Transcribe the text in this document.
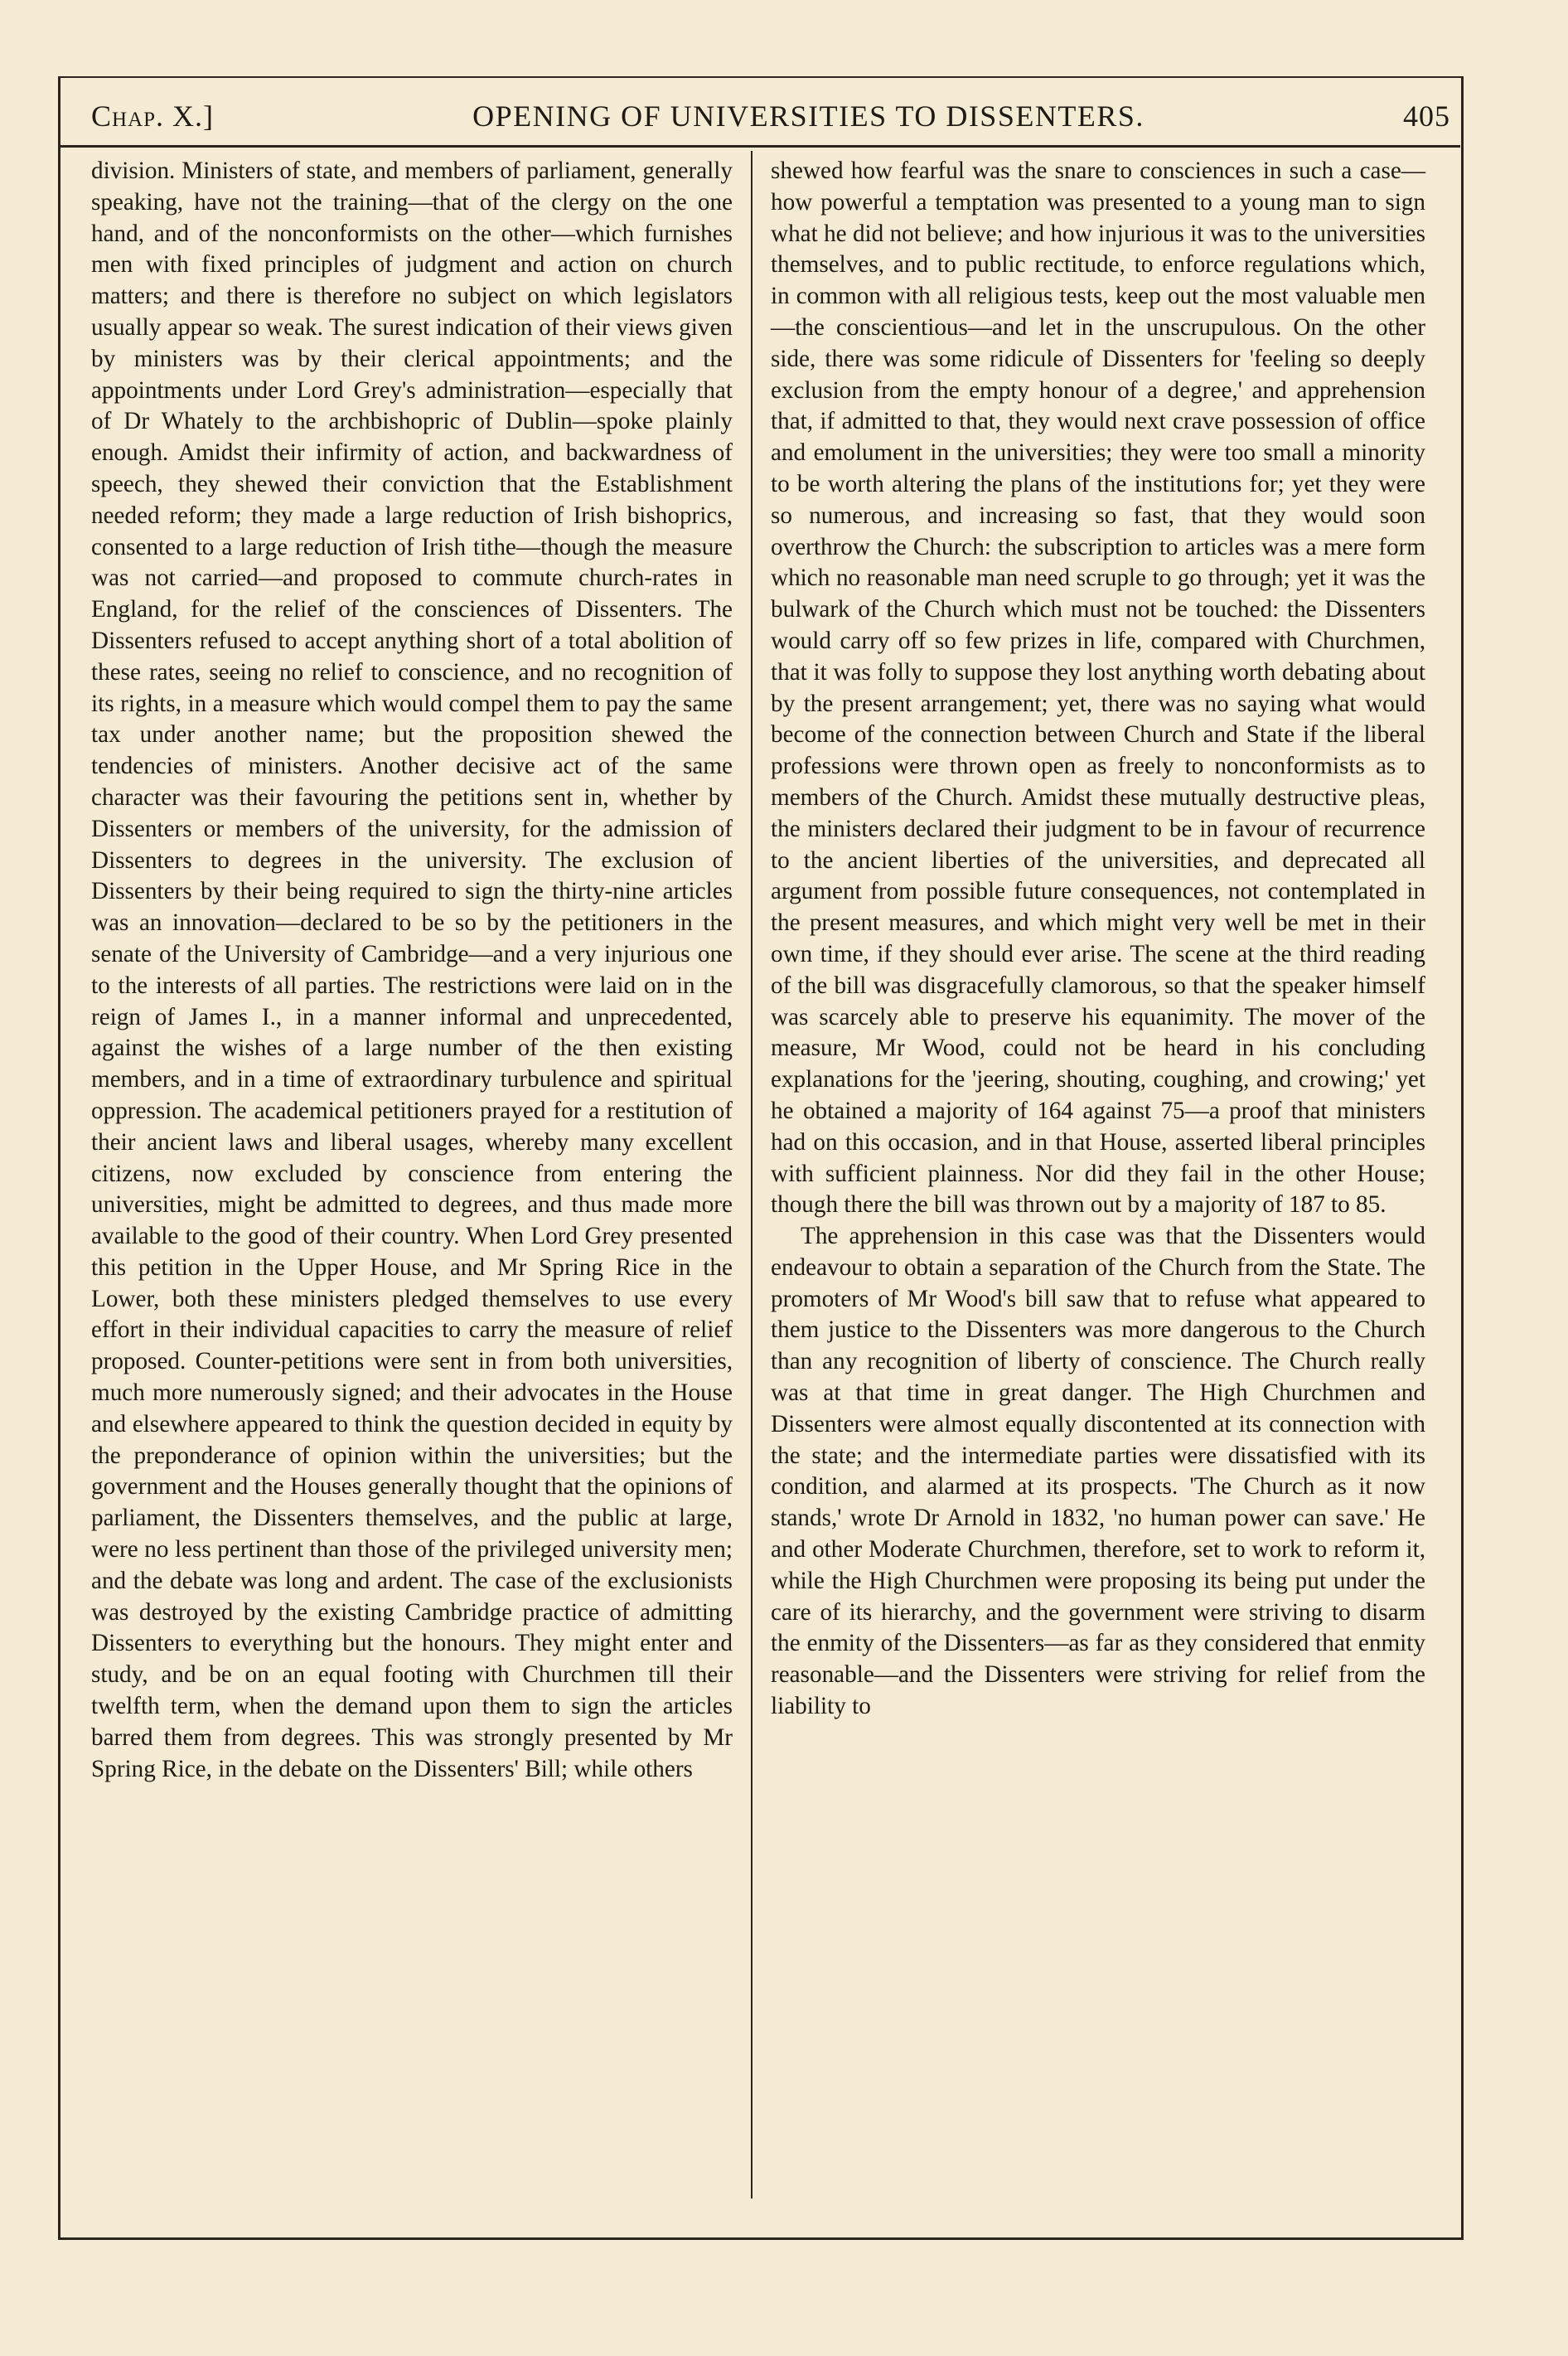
Chap. X.]	OPENING OF UNIVERSITIES TO DISSENTERS.	405

division. Ministers of state, and members of parliament, generally speaking, have not the training—that of the clergy on the one hand, and of the nonconformists on the other—which furnishes men with fixed principles of judgment and action on church matters; and there is therefore no subject on which legislators usually appear so weak. The surest indication of their views given by ministers was by their clerical appointments; and the appointments under Lord Grey's administration—especially that of Dr Whately to the archbishopric of Dublin—spoke plainly enough. Amidst their infirmity of action, and backwardness of speech, they shewed their conviction that the Establishment needed reform; they made a large reduction of Irish bishoprics, consented to a large reduction of Irish tithe—though the measure was not carried—and proposed to commute church-rates in England, for the relief of the consciences of Dissenters. The Dissenters refused to accept anything short of a total abolition of these rates, seeing no relief to conscience, and no recognition of its rights, in a measure which would compel them to pay the same tax under another name; but the proposition shewed the tendencies of ministers. Another decisive act of the same character was their favouring the petitions sent in, whether by Dissenters or members of the university, for the admission of Dissenters to degrees in the university. The exclusion of Dissenters by their being required to sign the thirty-nine articles was an innovation—declared to be so by the petitioners in the senate of the University of Cambridge—and a very injurious one to the interests of all parties. The restrictions were laid on in the reign of James I., in a manner informal and unprecedented, against the wishes of a large number of the then existing members, and in a time of extraordinary turbulence and spiritual oppression. The academical petitioners prayed for a restitution of their ancient laws and liberal usages, whereby many excellent citizens, now excluded by conscience from entering the universities, might be admitted to degrees, and thus made more available to the good of their country. When Lord Grey presented this petition in the Upper House, and Mr Spring Rice in the Lower, both these ministers pledged themselves to use every effort in their individual capacities to carry the measure of relief proposed. Counter-petitions were sent in from both universities, much more numerously signed; and their advocates in the House and elsewhere appeared to think the question decided in equity by the preponderance of opinion within the universities; but the government and the Houses generally thought that the opinions of parliament, the Dissenters themselves, and the public at large, were no less pertinent than those of the privileged university men; and the debate was long and ardent. The case of the exclusionists was destroyed by the existing Cambridge practice of admitting Dissenters to everything but the honours. They might enter and study, and be on an equal footing with Churchmen till their twelfth term, when the demand upon them to sign the articles barred them from degrees. This was strongly presented by Mr Spring Rice, in the debate on the Dissenters' Bill; while others

shewed how fearful was the snare to consciences in such a case—how powerful a temptation was presented to a young man to sign what he did not believe; and how injurious it was to the universities themselves, and to public rectitude, to enforce regulations which, in common with all religious tests, keep out the most valuable men—the conscientious—and let in the unscrupulous. On the other side, there was some ridicule of Dissenters for 'feeling so deeply exclusion from the empty honour of a degree,' and apprehension that, if admitted to that, they would next crave possession of office and emolument in the universities; they were too small a minority to be worth altering the plans of the institutions for; yet they were so numerous, and increasing so fast, that they would soon overthrow the Church: the subscription to articles was a mere form which no reasonable man need scruple to go through; yet it was the bulwark of the Church which must not be touched: the Dissenters would carry off so few prizes in life, compared with Churchmen, that it was folly to suppose they lost anything worth debating about by the present arrangement; yet, there was no saying what would become of the connection between Church and State if the liberal professions were thrown open as freely to nonconformists as to members of the Church. Amidst these mutually destructive pleas, the ministers declared their judgment to be in favour of recurrence to the ancient liberties of the universities, and deprecated all argument from possible future consequences, not contemplated in the present measures, and which might very well be met in their own time, if they should ever arise. The scene at the third reading of the bill was disgracefully clamorous, so that the speaker himself was scarcely able to preserve his equanimity. The mover of the measure, Mr Wood, could not be heard in his concluding explanations for the 'jeering, shouting, coughing, and crowing;' yet he obtained a majority of 164 against 75—a proof that ministers had on this occasion, and in that House, asserted liberal principles with sufficient plainness. Nor did they fail in the other House; though there the bill was thrown out by a majority of 187 to 85.

The apprehension in this case was that the Dissenters would endeavour to obtain a separation of the Church from the State. The promoters of Mr Wood's bill saw that to refuse what appeared to them justice to the Dissenters was more dangerous to the Church than any recognition of liberty of conscience. The Church really was at that time in great danger. The High Churchmen and Dissenters were almost equally discontented at its connection with the state; and the intermediate parties were dissatisfied with its condition, and alarmed at its prospects. 'The Church as it now stands,' wrote Dr Arnold in 1832, 'no human power can save.' He and other Moderate Churchmen, therefore, set to work to reform it, while the High Churchmen were proposing its being put under the care of its hierarchy, and the government were striving to disarm the enmity of the Dissenters—as far as they considered that enmity reasonable—and the Dissenters were striving for relief from the liability to
